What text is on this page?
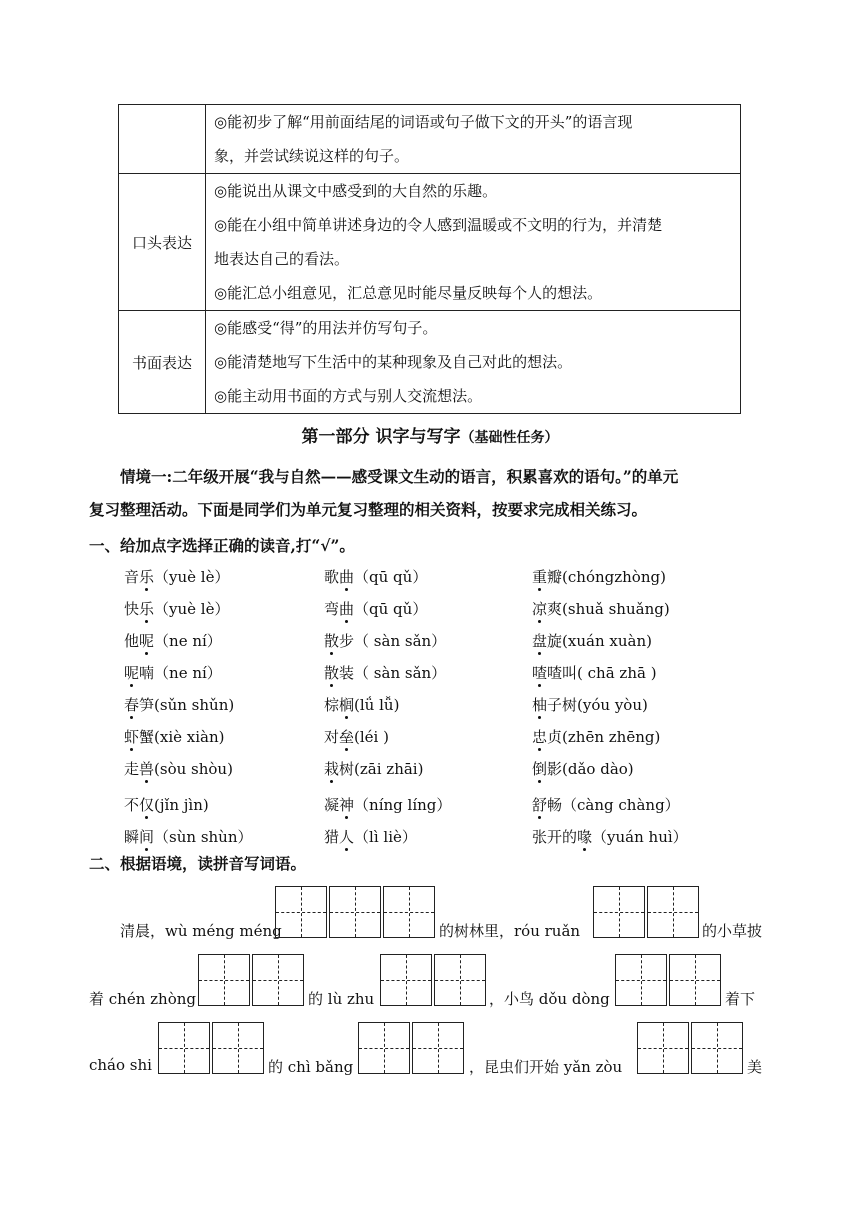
	◎能初步了解“用前面结尾的词语或句子做下文的开头”的语言现
象，并尝试续说这样的句子。

口头表达	◎能说出从课文中感受到的大自然的乐趣。
◎能在小组中简单讲述身边的令人感到温暖或不文明的行为，并清楚
地表达自己的看法。
◎能汇总小组意见，汇总意见时能尽量反映每个人的想法。

书面表达	◎能感受“得”的用法并仿写句子。
◎能清楚地写下生活中的某种现象及自己对此的想法。
◎能主动用书面的方式与别人交流想法。
第一部分 识字与写字（基础性任务）
情境一:二年级开展“我与自然——感受课文生动的语言，积累喜欢的语句。”的单元
复习整理活动。下面是同学们为单元复习整理的相关资料，按要求完成相关练习。
一、给加点字选择正确的读音,打“√”。
音乐（yuè lè）	歌曲（qū qǔ）	重瓣(chóngzhòng)
快乐（yuè lè）	弯曲（qū qǔ）	凉爽(shuǎ shuǎng)
他呢（ne ní）	散步（ sàn sǎn）	盘旋(xuán xuàn)
呢喃（ne ní）	散装（ sàn sǎn）	喳喳叫( chā zhā )
春笋(sǔn shǔn)	棕榈(lǘ lǚ)	柚子树(yóu yòu)
虾蟹(xiè xiàn)	对垒(léi )	忠贞(zhēn zhēng)
走兽(sòu shòu)	栽树(zāi zhāi)	倒影(dǎo dào)
不仅(jǐn jìn)	凝神（níng líng）	舒畅（càng chàng）
瞬间（sùn shùn）	猎人（lì liè）	张开的喙（yuán huì）
二、根据语境，读拼音写词语。
清晨，wù méng méng	的树林里，róu ruǎn	的小草披
着 chén zhòng	的 lù zhu	，小鸟 dǒu dòng	着下
cháo shi	的 chì bǎng	，昆虫们开始 yǎn zòu	美
